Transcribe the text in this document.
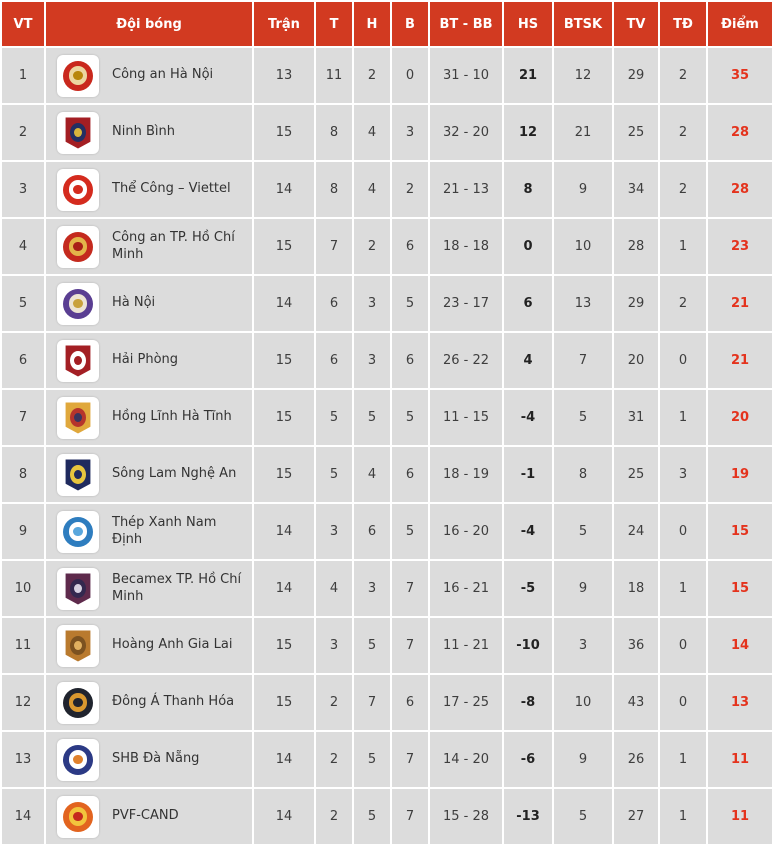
VT	Đội bóng	Trận	T	H	B	BT - BB	HS	BTSK	TV	TĐ	Điểm
1	Công an Hà Nội	13	11	2	0	31 - 10	21	12	29	2	35
2	Ninh Bình	15	8	4	3	32 - 20	12	21	25	2	28
3	Thể Công – Viettel	14	8	4	2	21 - 13	8	9	34	2	28
4	Công an TP. Hồ Chí Minh	15	7	2	6	18 - 18	0	10	28	1	23
5	Hà Nội	14	6	3	5	23 - 17	6	13	29	2	21
6	Hải Phòng	15	6	3	6	26 - 22	4	7	20	0	21
7	Hồng Lĩnh Hà Tĩnh	15	5	5	5	11 - 15	-4	5	31	1	20
8	Sông Lam Nghệ An	15	5	4	6	18 - 19	-1	8	25	3	19
9	Thép Xanh Nam Định	14	3	6	5	16 - 20	-4	5	24	0	15
10	Becamex TP. Hồ Chí Minh	14	4	3	7	16 - 21	-5	9	18	1	15
11	Hoàng Anh Gia Lai	15	3	5	7	11 - 21	-10	3	36	0	14
12	Đông Á Thanh Hóa	15	2	7	6	17 - 25	-8	10	43	0	13
13	SHB Đà Nẵng	14	2	5	7	14 - 20	-6	9	26	1	11
14	PVF-CAND	14	2	5	7	15 - 28	-13	5	27	1	11
